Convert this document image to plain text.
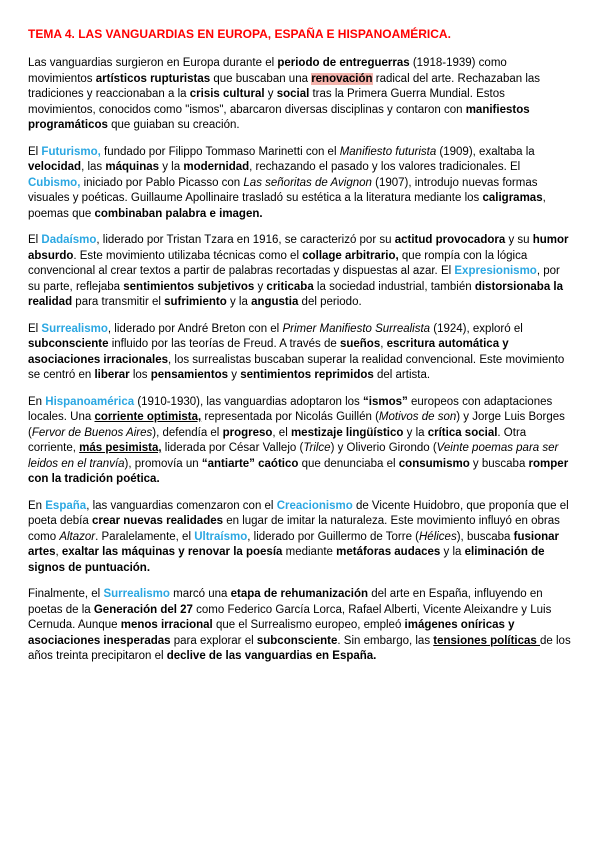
TEMA 4. LAS VANGUARDIAS EN EUROPA, ESPAÑA E HISPANOAMÉRICA.

Las vanguardias surgieron en Europa durante el periodo de entreguerras (1918-1939) como movimientos artísticos rupturistas que buscaban una renovación radical del arte. Rechazaban las tradiciones y reaccionaban a la crisis cultural y social tras la Primera Guerra Mundial. Estos movimientos, conocidos como "ismos", abarcaron diversas disciplinas y contaron con manifiestos programáticos que guiaban su creación.

El Futurismo, fundado por Filippo Tommaso Marinetti con el Manifiesto futurista (1909), exaltaba la velocidad, las máquinas y la modernidad, rechazando el pasado y los valores tradicionales. El Cubismo, iniciado por Pablo Picasso con Las señoritas de Avignon (1907), introdujo nuevas formas visuales y poéticas. Guillaume Apollinaire trasladó su estética a la literatura mediante los caligramas, poemas que combinaban palabra e imagen.

El Dadaísmo, liderado por Tristan Tzara en 1916, se caracterizó por su actitud provocadora y su humor absurdo. Este movimiento utilizaba técnicas como el collage arbitrario, que rompía con la lógica convencional al crear textos a partir de palabras recortadas y dispuestas al azar. El Expresionismo, por su parte, reflejaba sentimientos subjetivos y criticaba la sociedad industrial, también distorsionaba la realidad para transmitir el sufrimiento y la angustia del periodo.

El Surrealismo, liderado por André Breton con el Primer Manifiesto Surrealista (1924), exploró el subconsciente influido por las teorías de Freud. A través de sueños, escritura automática y asociaciones irracionales, los surrealistas buscaban superar la realidad convencional. Este movimiento se centró en liberar los pensamientos y sentimientos reprimidos del artista.

En Hispanoamérica (1910-1930), las vanguardias adoptaron los “ismos” europeos con adaptaciones locales. Una corriente optimista, representada por Nicolás Guillén (Motivos de son) y Jorge Luis Borges (Fervor de Buenos Aires), defendía el progreso, el mestizaje lingüístico y la crítica social. Otra corriente, más pesimista, liderada por César Vallejo (Trilce) y Oliverio Girondo (Veinte poemas para ser leidos en el tranvía), promovía un “antiarte” caótico que denunciaba el consumismo y buscaba romper con la tradición poética.

En España, las vanguardias comenzaron con el Creacionismo de Vicente Huidobro, que proponía que el poeta debía crear nuevas realidades en lugar de imitar la naturaleza. Este movimiento influyó en obras como Altazor. Paralelamente, el Ultraísmo, liderado por Guillermo de Torre (Hélices), buscaba fusionar artes, exaltar las máquinas y renovar la poesía mediante metáforas audaces y la eliminación de signos de puntuación.

Finalmente, el Surrealismo marcó una etapa de rehumanización del arte en España, influyendo en poetas de la Generación del 27 como Federico García Lorca, Rafael Alberti, Vicente Aleixandre y Luis Cernuda. Aunque menos irracional que el Surrealismo europeo, empleó imágenes oníricas y asociaciones inesperadas para explorar el subconsciente. Sin embargo, las tensiones políticas de los años treinta precipitaron el declive de las vanguardias en España.
